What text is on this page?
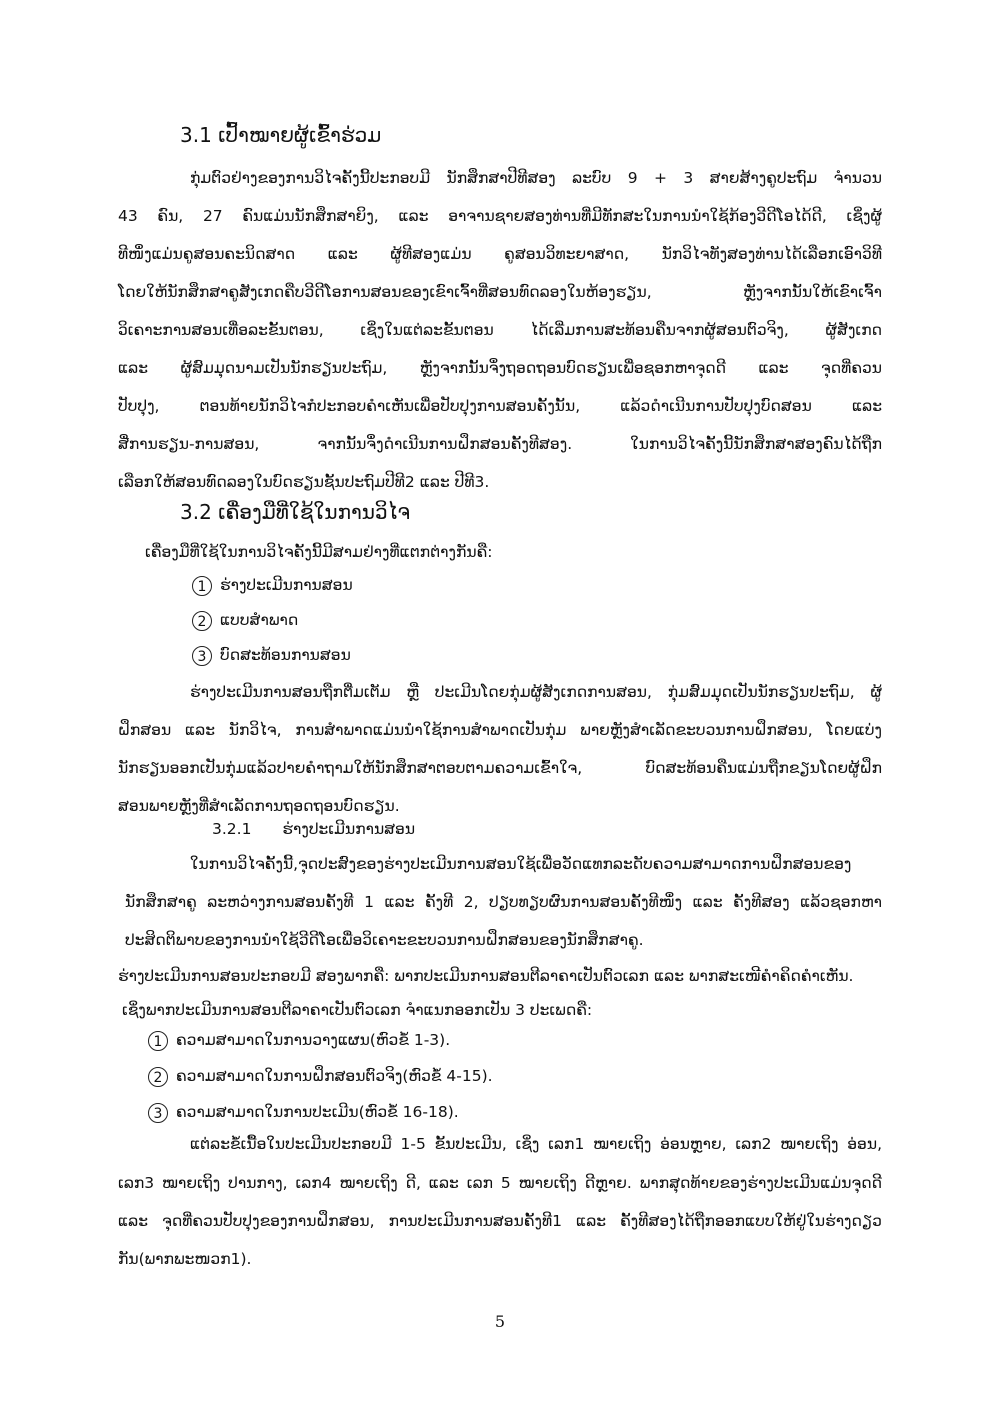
3.1 ເປົ້າໝາຍຜູ້ເຂົ້າຮ່ວມ
ກຸ່ມຕົວຢ່າງຂອງການວິໄຈຄັ້ງນີ້ປະກອບມີ ນັກສຶກສາປີທີສອງ ລະບົບ 9 + 3 ສາຍສ້າງຄູປະຖົມ ຈຳນວນ
43 ຄົນ, 27 ຄົນແມ່ນນັກສຶກສາຍິງ, ແລະ ອາຈານຊາຍສອງທ່ານທີ່ມີທັກສະໃນການນຳໃຊ້ກ້ອງວີດີໂອໄດ້ດີ, ເຊິ່ງຜູ້
ທີໜຶ່ງແມ່ນຄູສອນຄະນິດສາດ ແລະ ຜູ້ທີສອງແມ່ນ ຄູສອນວິທະຍາສາດ, ນັກວິໄຈທັງສອງທ່ານໄດ້ເລືອກເອົາວິທີ
ໂດຍໃຫ້ນັກສຶກສາຄູສັງເກດຄືບວີດີໂອການສອນຂອງເຂົາເຈົ້າທີ່ສອນທົດລອງໃນຫ້ອງຮຽນ, ຫຼັງຈາກນັ້ນໃຫ້ເຂົາເຈົ້າ
ວິເຄາະການສອນເທື່ອລະຂັ້ນຕອນ, ເຊິ່ງໃນແຕ່ລະຂັ້ນຕອນ ໄດ້ເລີ່ມການສະທ້ອນຄືນຈາກຜູ້ສອນຕົວຈິງ, ຜູ້ສັງເກດ
ແລະ ຜູ້ສົມມຸດນາມເປັນນັກຮຽນປະຖົມ, ຫຼັງຈາກນັ້ນຈຶ່ງຖອດຖອນບົດຮຽນເພື່ອຊອກຫາຈຸດດີ ແລະ ຈຸດທີ່ຄວນ
ປັບປຸງ, ຕອນທ້າຍນັກວິໄຈກໍປະກອບຄຳເຫັນເພື່ອປັບປຸງການສອນຄັ້ງນັ້ນ, ແລ້ວດຳເນີນການປັບປຸງບົດສອນ ແລະ
ສື່ການຮຽນ-ການສອນ, ຈາກນັ້ນຈຶ່ງດຳເນີນການຝຶກສອນຄັ້ງທີສອງ. ໃນການວິໄຈຄັ້ງນີ້ນັກສຶກສາສອງຄົນໄດ້ຖືກ
ເລືອກໃຫ້ສອນທົດລອງໃນບົດຮຽນຊັ້ນປະຖົມປີທີ2 ແລະ ປີທີ3.
3.2 ເຄື່ອງມືທີ່ໃຊ້ໃນການວິໄຈ
ເຄື່ອງມືທີ່ໃຊ້ໃນການວິໄຈຄັ້ງນີ້ມີສາມຢ່າງທີ່ແຕກຕ່າງກັນຄື:
1 ຮ່າງປະເມີນການສອນ
2 ແບບສຳພາດ
3 ບົດສະທ້ອນການສອນ
ຮ່າງປະເມີນການສອນຖືກຕື່ມເຕັມ ຫຼື ປະເມີນໂດຍກຸ່ມຜູ້ສັງເກດການສອນ, ກຸ່ມສົມມຸດເປັນນັກຮຽນປະຖົມ, ຜູ້
ຝຶກສອນ ແລະ ນັກວິໄຈ, ການສຳພາດແມ່ນນຳໃຊ້ການສຳພາດເປັນກຸ່ມ ພາຍຫຼັງສຳເລັດຂະບວນການຝຶກສອນ, ໂດຍແບ່ງ
ນັກຮຽນອອກເປັນກຸ່ມແລ້ວປາຍຄຳຖາມໃຫ້ນັກສຶກສາຕອບຕາມຄວາມເຂົ້າໃຈ, ບົດສະທ້ອນຄືນແມ່ນຖືກຂຽນໂດຍຜູ້ຝຶກ
ສອນພາຍຫຼັງທີ່ສຳເລັດການຖອດຖອນບົດຮຽນ.
3.2.1 ຮ່າງປະເມີນການສອນ
ໃນການວິໄຈຄັ້ງນີ້,ຈຸດປະສົງຂອງຮ່າງປະເມີນການສອນໃຊ້ເພື່ອວັດແທກລະດັບຄວາມສາມາດການຝຶກສອນຂອງ
ນັກສຶກສາຄູ ລະຫວ່າງການສອນຄັ້ງທີ 1 ແລະ ຄັ້ງທີ 2, ປຽບທຽບຜົນການສອນຄັ້ງທີໜຶ່ງ ແລະ ຄັ້ງທີສອງ ແລ້ວຊອກຫາ
ປະສິດຕິພາບຂອງການນຳໃຊ້ວີດີໂອເພື່ອວິເຄາະຂະບວນການຝຶກສອນຂອງນັກສຶກສາຄູ.
ຮ່າງປະເມີນການສອນປະກອບມີ ສອງພາກຄື: ພາກປະເມີນການສອນຕີລາຄາເປັນຕົວເລກ ແລະ ພາກສະເໜີຄຳຄິດຄຳເຫັນ.
ເຊິ່ງພາກປະເມີນການສອນຕີລາຄາເປັນຕົວເລກ ຈຳແນກອອກເປັນ 3 ປະເພດຄື:
1 ຄວາມສາມາດໃນການວາງແຜນ(ຫົວຂໍ້ 1-3).
2 ຄວາມສາມາດໃນການຝຶກສອນຕົວຈິງ(ຫົວຂໍ້ 4-15).
3 ຄວາມສາມາດໃນການປະເມີນ(ຫົວຂໍ້ 16-18).
ແຕ່ລະຂໍ້ເນື້ອໃນປະເມີນປະກອບມີ 1-5 ຂັ້ນປະເມີນ, ເຊິ່ງ ເລກ1 ໝາຍເຖິງ ອ່ອນຫຼາຍ, ເລກ2 ໝາຍເຖິງ ອ່ອນ,
ເລກ3 ໝາຍເຖິງ ປານກາງ, ເລກ4 ໝາຍເຖິງ ດີ, ແລະ ເລກ 5 ໝາຍເຖິງ ດີຫຼາຍ. ພາກສຸດທ້າຍຂອງຮ່າງປະເມີນແມ່ນຈຸດດີ
ແລະ ຈຸດທີ່ຄວນປັບປຸງຂອງການຝຶກສອນ, ການປະເມີນການສອນຄັ້ງທີ1 ແລະ ຄັ້ງທີສອງໄດ້ຖືກອອກແບບໃຫ້ຢູ່ໃນຮ່າງດຽວ
ກັນ(ພາກພະໜວກ1).
5
